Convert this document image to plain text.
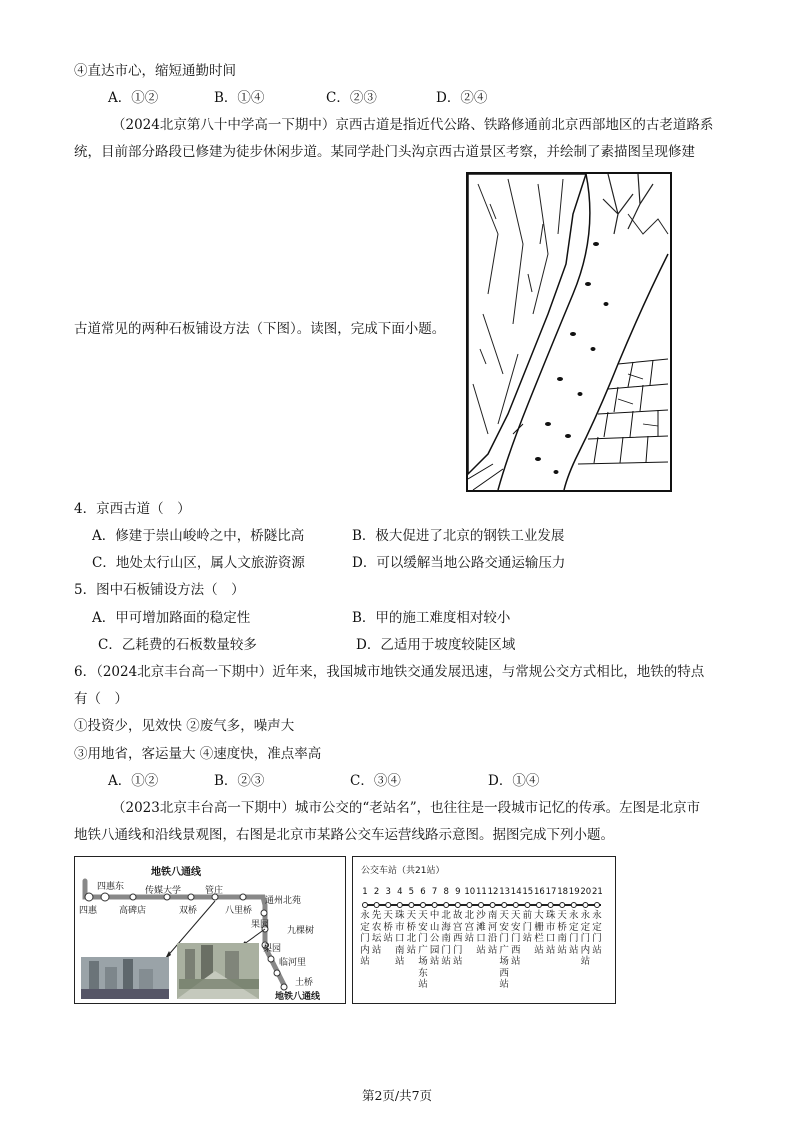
④直达市心，缩短通勤时间
A．①②	B．①④	C．②③	D．②④
（2024北京第八十中学高一下期中）京西古道是指近代公路、铁路修通前北京西部地区的古老道路系
统，目前部分路段已修建为徒步休闲步道。某同学赴门头沟京西古道景区考察，并绘制了素描图呈现修建
古道常见的两种石板铺设方法（下图）。读图，完成下面小题。
4．京西古道（　）
A．修建于崇山峻岭之中，桥隧比高	B．极大促进了北京的钢铁工业发展
C．地处太行山区，属人文旅游资源	D．可以缓解当地公路交通运输压力
5．图中石板铺设方法（　）
A．甲可增加路面的稳定性	B．甲的施工难度相对较小
C．乙耗费的石板数量较多	D．乙适用于坡度较陡区域
6．（2024北京丰台高一下期中）近年来，我国城市地铁交通发展迅速，与常规公交方式相比，地铁的特点
有（　）
①投资少，见效快 ②废气多，噪声大
③用地省，客运量大 ④速度快，准点率高
A．①②	B．②③	C．③④	D．①④
（2023北京丰台高一下期中）城市公交的“老站名”，也往往是一段城市记忆的传承。左图是北京市
地铁八通线和沿线景观图，右图是北京市某路公交车运营线路示意图。据图完成下列小题。
地铁八通线
四惠东
四惠 高碑店
传媒大学
双桥
管庄
八里桥
通州北苑
果园
九棵树
梨园
临河里
土桥
地铁八通线
公交车站（共21站）
1 2 3 4 5 6 7 8 9 10 11 12 13 14 15 16 17 18 19 20 21
永定门内站
先农坛站
天桥站
珠市口南站
天桥北站
天安门广场东站
中山公园站
北海南门站
故宫西门站
北宫站
沙滩口站
南河沿站
天安门广场西站
天安门西站
前门站
大栅栏站
珠市口站
天桥南站
永定门站
永定门内站
永定门站
第2页/共7页
